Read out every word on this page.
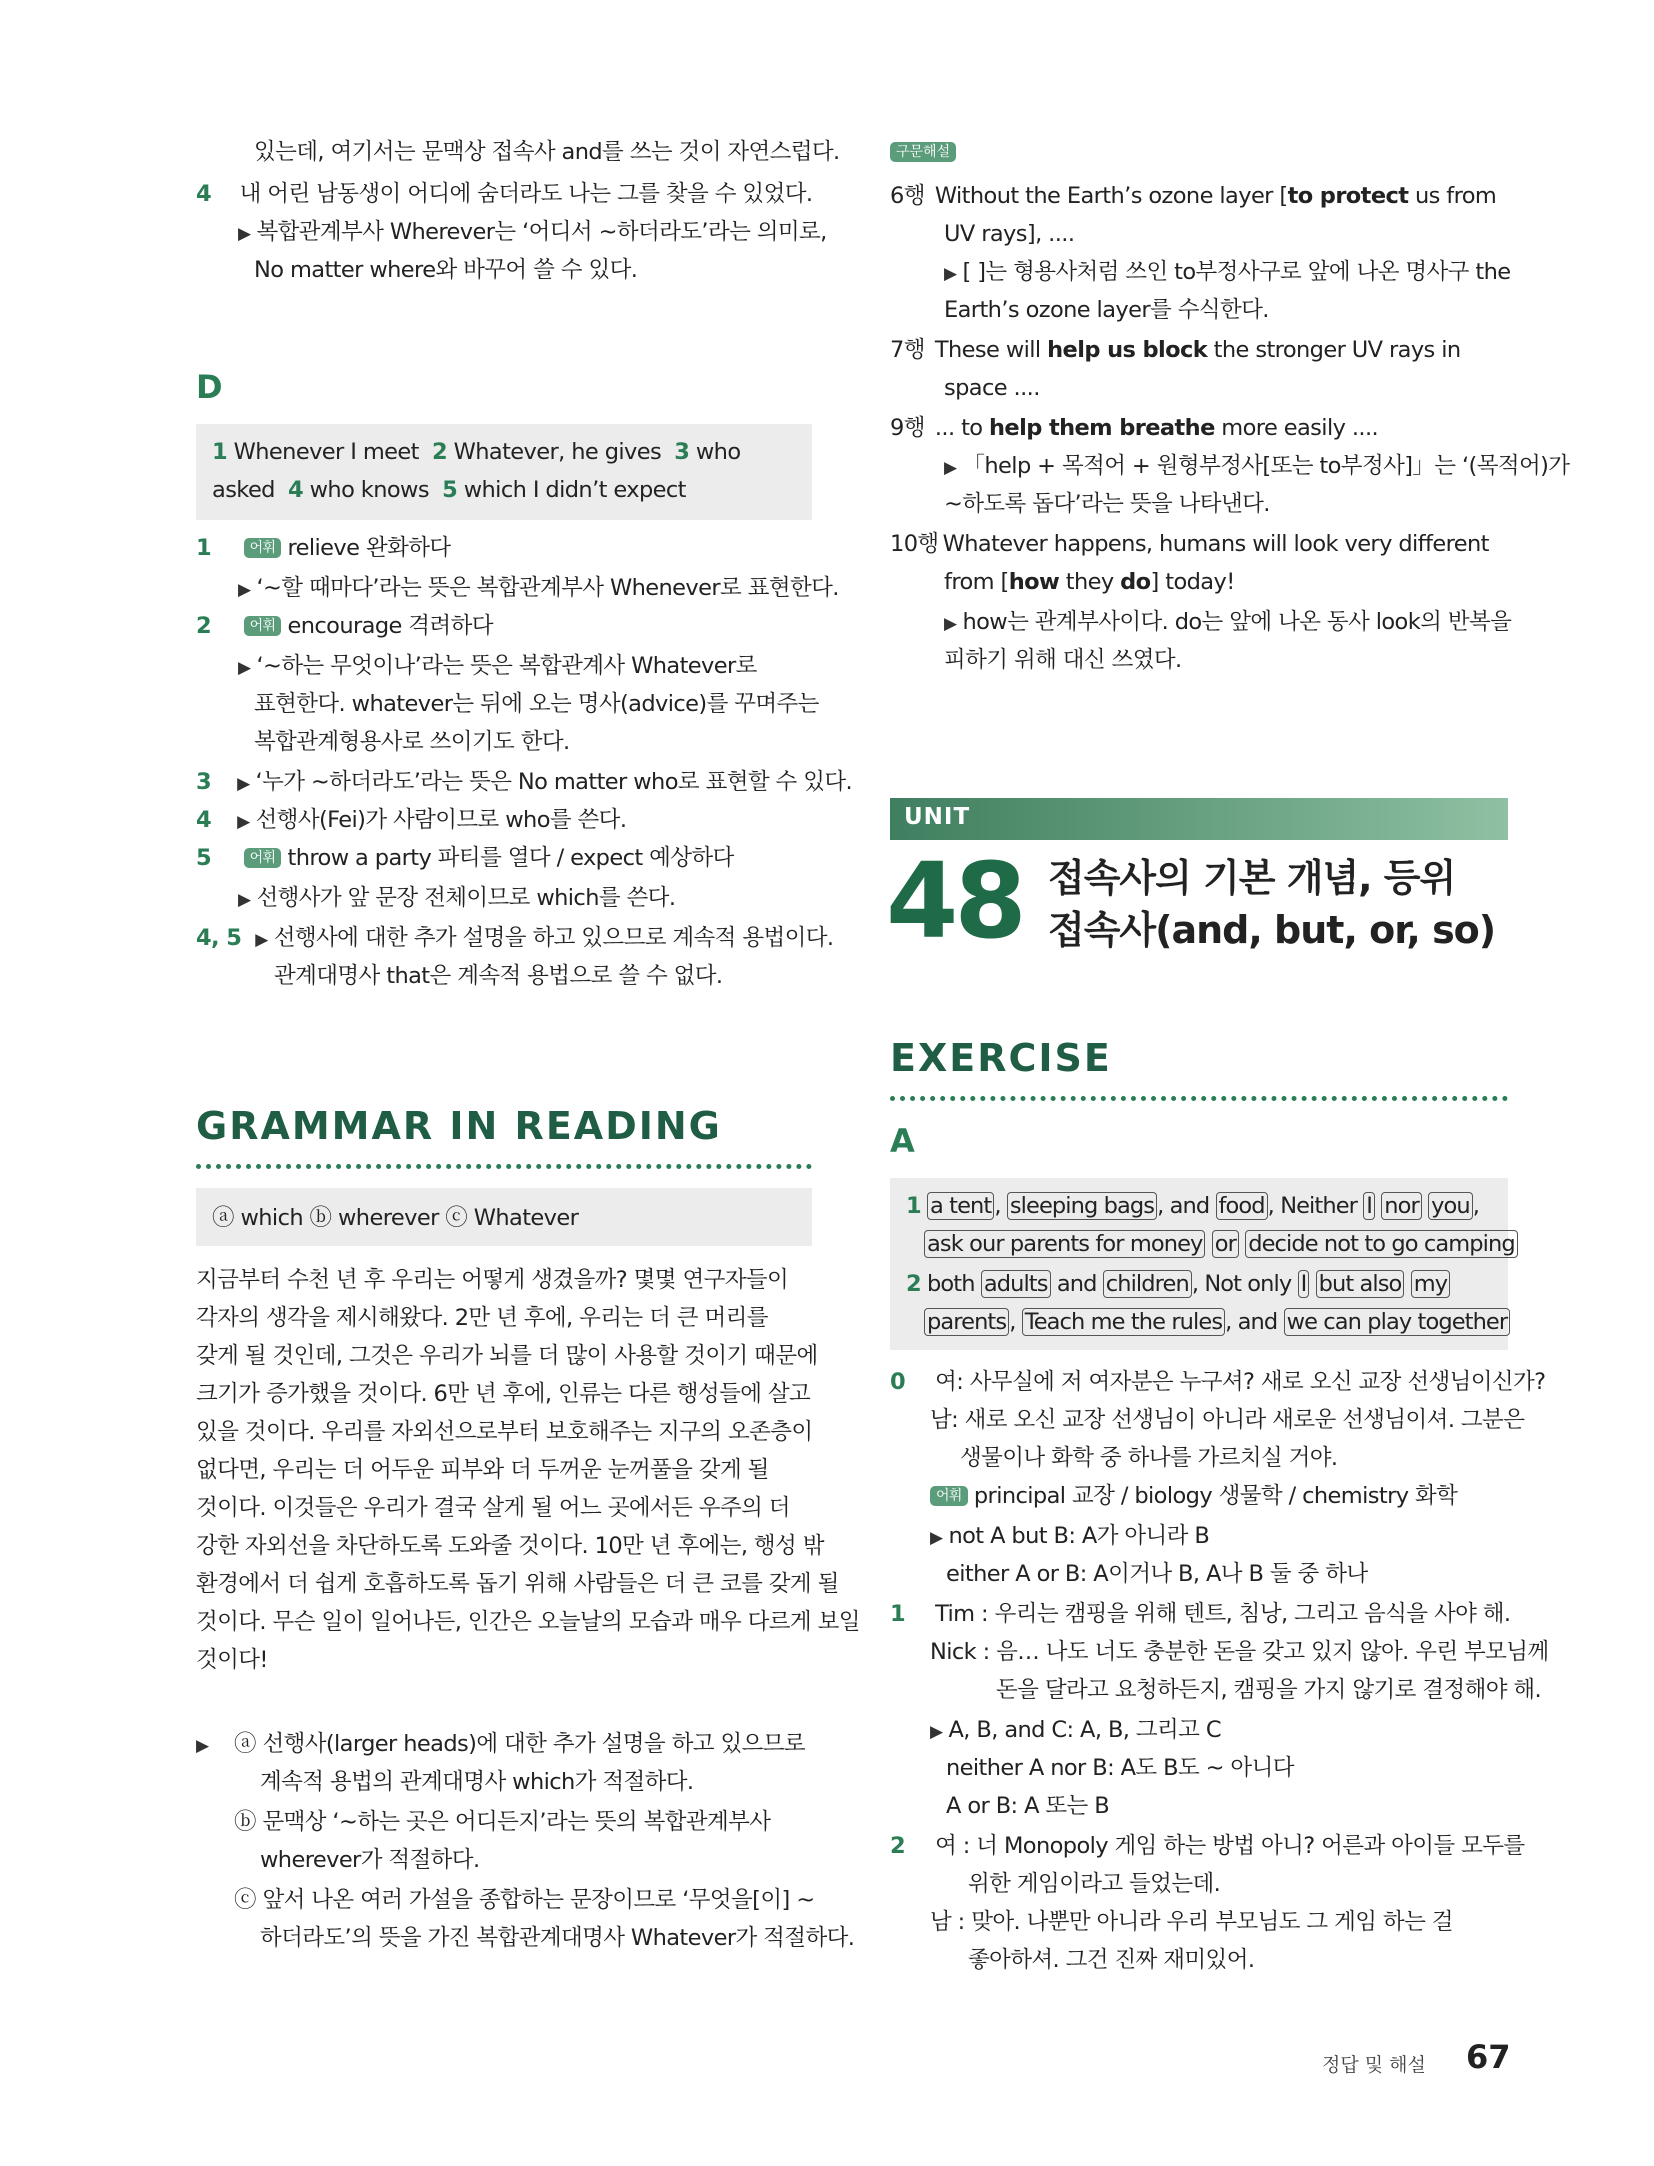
있는데, 여기서는 문맥상 접속사 and를 쓰는 것이 자연스럽다.
4 내 어린 남동생이 어디에 숨더라도 나는 그를 찾을 수 있었다.
▶ 복합관계부사 Wherever는 ‘어디서 ~하더라도’라는 의미로,
No matter where와 바꾸어 쓸 수 있다.
D
1 Whenever I meet 2 Whatever, he gives 3 who
asked 4 who knows 5 which I didn’t expect
1	어휘 relieve 완화하다
▶ ‘~할 때마다’라는 뜻은 복합관계부사 Whenever로 표현한다.
2	어휘 encourage 격려하다
▶ ‘~하는 무엇이나’라는 뜻은 복합관계사 Whatever로
표현한다. whatever는 뒤에 오는 명사(advice)를 꾸며주는
복합관계형용사로 쓰이기도 한다.
3 ▶ ‘누가 ~하더라도’라는 뜻은 No matter who로 표현할 수 있다.
4 ▶ 선행사(Fei)가 사람이므로 who를 쓴다.
5	어휘 throw a party 파티를 열다 / expect 예상하다
▶ 선행사가 앞 문장 전체이므로 which를 쓴다.
4, 5 ▶ 선행사에 대한 추가 설명을 하고 있으므로 계속적 용법이다.
관계대명사 that은 계속적 용법으로 쓸 수 없다.
GRAMMAR IN READING
ⓐ which ⓑ wherever ⓒ Whatever
지금부터 수천 년 후 우리는 어떻게 생겼을까? 몇몇 연구자들이
각자의 생각을 제시해왔다. 2만 년 후에, 우리는 더 큰 머리를
갖게 될 것인데, 그것은 우리가 뇌를 더 많이 사용할 것이기 때문에
크기가 증가했을 것이다. 6만 년 후에, 인류는 다른 행성들에 살고
있을 것이다. 우리를 자외선으로부터 보호해주는 지구의 오존층이
없다면, 우리는 더 어두운 피부와 더 두꺼운 눈꺼풀을 갖게 될
것이다. 이것들은 우리가 결국 살게 될 어느 곳에서든 우주의 더
강한 자외선을 차단하도록 도와줄 것이다. 10만 년 후에는, 행성 밖
환경에서 더 쉽게 호흡하도록 돕기 위해 사람들은 더 큰 코를 갖게 될
것이다. 무슨 일이 일어나든, 인간은 오늘날의 모습과 매우 다르게 보일
것이다!
▶ ⓐ 선행사(larger heads)에 대한 추가 설명을 하고 있으므로
계속적 용법의 관계대명사 which가 적절하다.
ⓑ 문맥상 ‘~하는 곳은 어디든지’라는 뜻의 복합관계부사
wherever가 적절하다.
ⓒ 앞서 나온 여러 가설을 종합하는 문장이므로 ‘무엇을[이] ~
하더라도’의 뜻을 가진 복합관계대명사 Whatever가 적절하다.
구문해설
6행 Without the Earth’s ozone layer [to protect us from
UV rays], ....
▶ [ ]는 형용사처럼 쓰인 to부정사구로 앞에 나온 명사구 the
Earth’s ozone layer를 수식한다.
7행 These will help us block the stronger UV rays in
space ....
9행 ... to help them breathe more easily ....
▶ 「help + 목적어 + 원형부정사[또는 to부정사]」는 ‘(목적어)가
~하도록 돕다’라는 뜻을 나타낸다.
10행 Whatever happens, humans will look very different
from [how they do] today!
▶ how는 관계부사이다. do는 앞에 나온 동사 look의 반복을
피하기 위해 대신 쓰였다.
UNIT
48 접속사의 기본 개념, 등위
접속사(and, but, or, so)
EXERCISE
A
1 a tent , sleeping bags , and food , Neither I nor you ,
ask our parents for money or decide not to go camping
2 both adults and children , Not only I but also my
parents , Teach me the rules , and we can play together
0 여: 사무실에 저 여자분은 누구셔? 새로 오신 교장 선생님이신가?
남: 새로 오신 교장 선생님이 아니라 새로운 선생님이셔. 그분은
생물이나 화학 중 하나를 가르치실 거야.
어휘 principal 교장 / biology 생물학 / chemistry 화학
▶ not A but B: A가 아니라 B
either A or B: A이거나 B, A나 B 둘 중 하나
1 Tim : 우리는 캠핑을 위해 텐트, 침낭, 그리고 음식을 사야 해.
Nick : 음… 나도 너도 충분한 돈을 갖고 있지 않아. 우린 부모님께
돈을 달라고 요청하든지, 캠핑을 가지 않기로 결정해야 해.
▶ A, B, and C: A, B, 그리고 C
neither A nor B: A도 B도 ~ 아니다
A or B: A 또는 B
2 여 : 너 Monopoly 게임 하는 방법 아니? 어른과 아이들 모두를
위한 게임이라고 들었는데.
남 : 맞아. 나뿐만 아니라 우리 부모님도 그 게임 하는 걸
좋아하셔. 그건 진짜 재미있어.
정답 및 해설 67
